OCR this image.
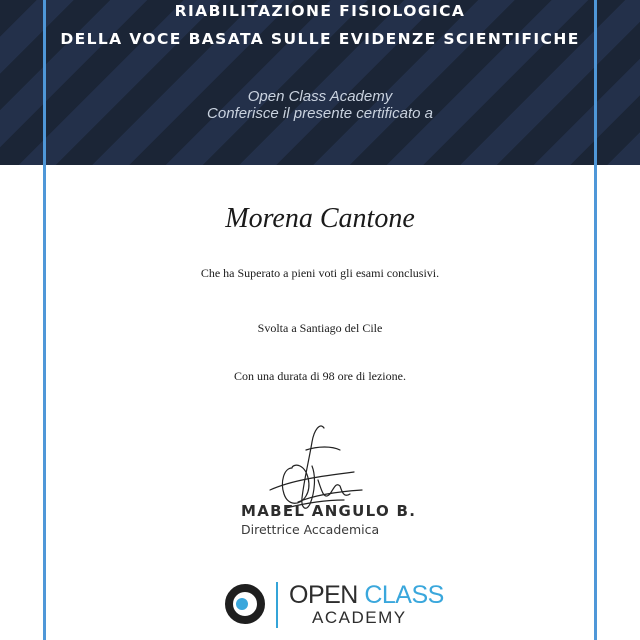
RIABILITAZIONE FISIOLOGICA
DELLA VOCE BASATA SULLE EVIDENZE SCIENTIFICHE
Open Class Academy
Conferisce il presente certificato a
Morena Cantone
Che ha Superato a pieni voti gli esami conclusivi.
Svolta a Santiago del Cile
Con una durata di 98 ore di lezione.
MABEL ANGULO B.
Direttrice Accademica
OPEN CLASS
ACADEMY
